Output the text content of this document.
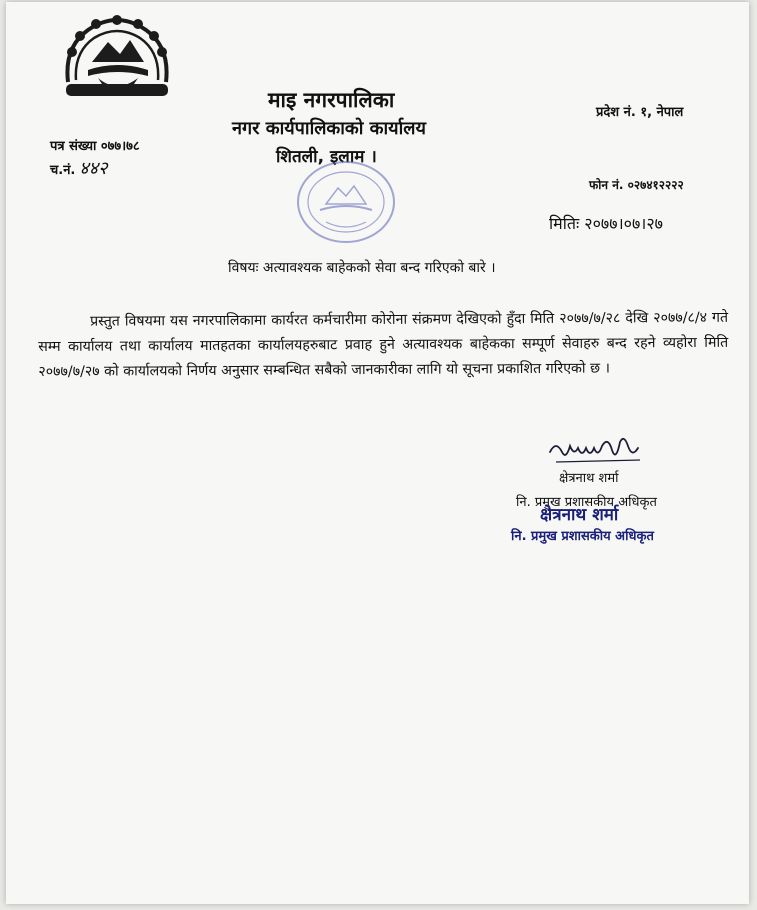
माइ नगरपालिका
नगर कार्यपालिकाको कार्यालय
शितली, इलाम ।
प्रदेश नं. १, नेपाल
पत्र संख्या ०७७।७८
च.नं. ४४२
फोन नं. ०२७४१२२२२
मितिः २०७७।०७।२७
विषयः अत्यावश्यक बाहेकको सेवा बन्द गरिएको बारे ।
प्रस्तुत विषयमा यस नगरपालिकामा कार्यरत कर्मचारीमा कोरोना संक्रमण देखिएको हुँदा मिति २०७७/७/२८ देखि २०७७/८/४ गते सम्म कार्यालय तथा कार्यालय मातहतका कार्यालयहरुबाट प्रवाह हुने अत्यावश्यक बाहेकका सम्पूर्ण सेवाहरु बन्द रहने व्यहोरा मिति २०७७/७/२७ को कार्यालयको निर्णय अनुसार सम्बन्धित सबैको जानकारीका लागि यो सूचना प्रकाशित गरिएको छ ।
क्षेत्रनाथ शर्मा
नि. प्रमुख प्रशासकीय अधिकृत
क्षेत्रनाथ शर्मा
नि. प्रमुख प्रशासकीय अधिकृत
